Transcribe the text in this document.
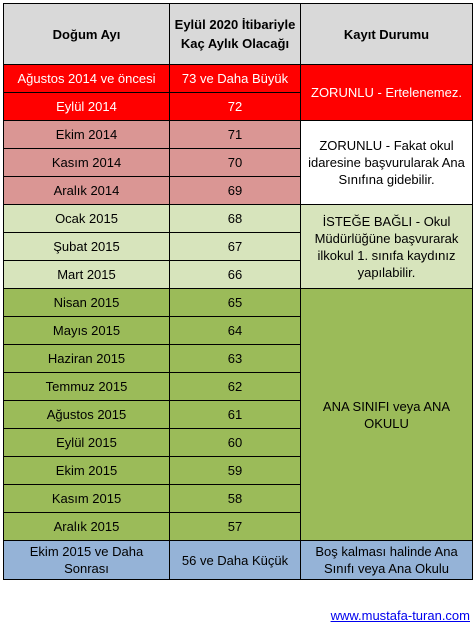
Doğum Ayı	Eylül 2020 İtibariyle Kaç Aylık Olacağı	Kayıt Durumu
Ağustos 2014 ve öncesi	73 ve Daha Büyük	ZORUNLU - Ertelenemez.
Eylül 2014	72	
Ekim 2014	71	ZORUNLU - Fakat okul idaresine başvurularak Ana Sınıfına gidebilir.
Kasım 2014	70	
Aralık 2014	69	
Ocak 2015	68	İSTEĞE BAĞLI - Okul Müdürlüğüne başvurarak ilkokul 1. sınıfa kaydınız yapılabilir.
Şubat 2015	67	
Mart 2015	66	
Nisan 2015	65	ANA SINIFI veya ANA OKULU
Mayıs 2015	64	
Haziran 2015	63	
Temmuz 2015	62	
Ağustos 2015	61	
Eylül 2015	60	
Ekim 2015	59	
Kasım 2015	58	
Aralık 2015	57	
Ekim 2015 ve Daha Sonrası	56 ve Daha Küçük	Boş kalması halinde Ana Sınıfı veya Ana Okulu
www.mustafa-turan.com
